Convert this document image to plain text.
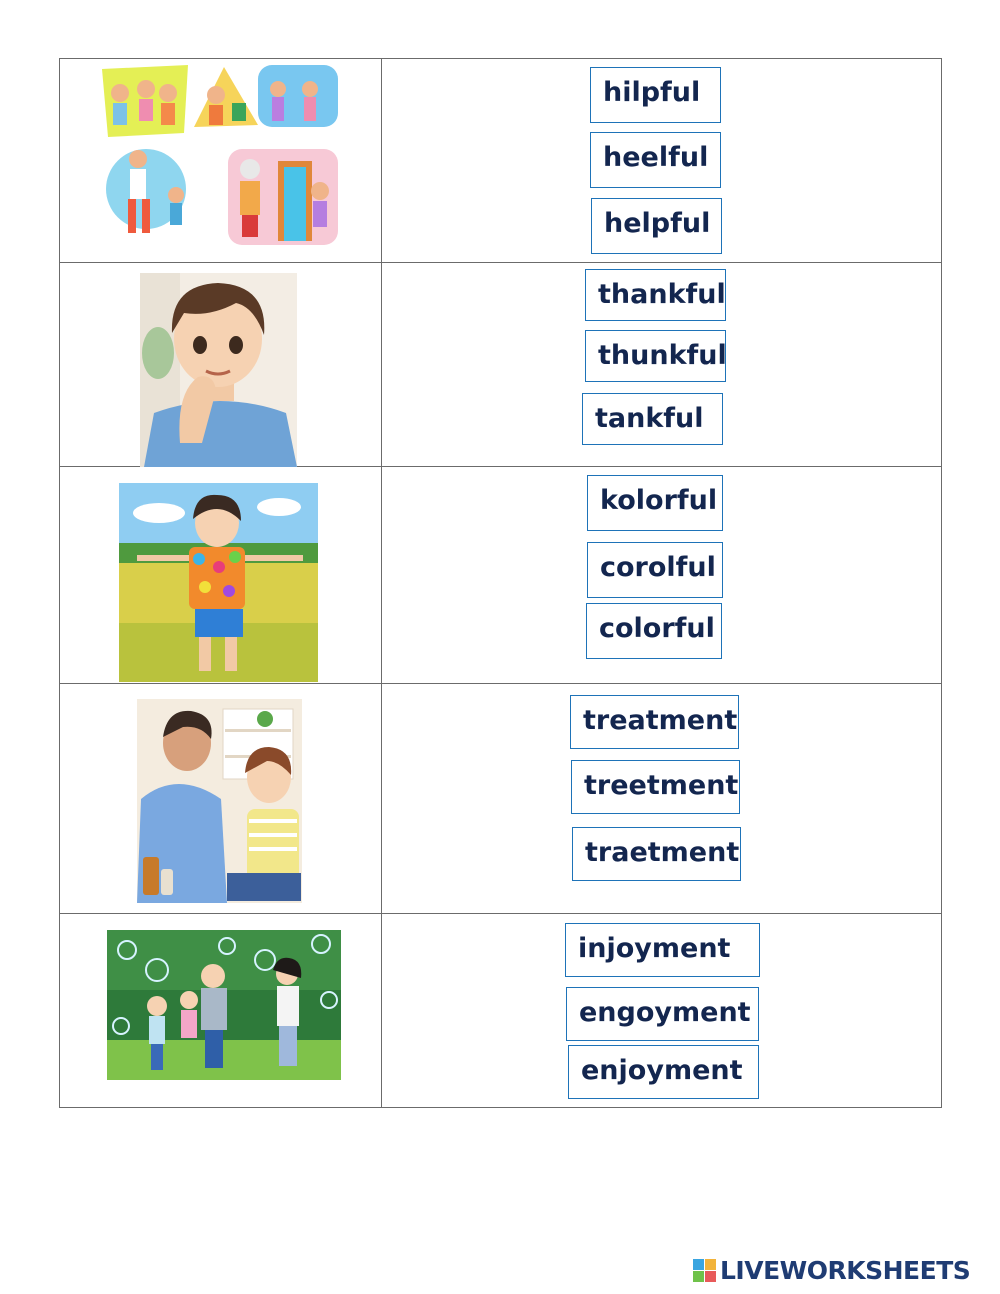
hilpful
heelful
helpful

thankful
thunkful
tankful

kolorful
corolful
colorful

treatment
treetment
traetment

injoyment
engoyment
enjoyment
LIVEWORKSHEETS
